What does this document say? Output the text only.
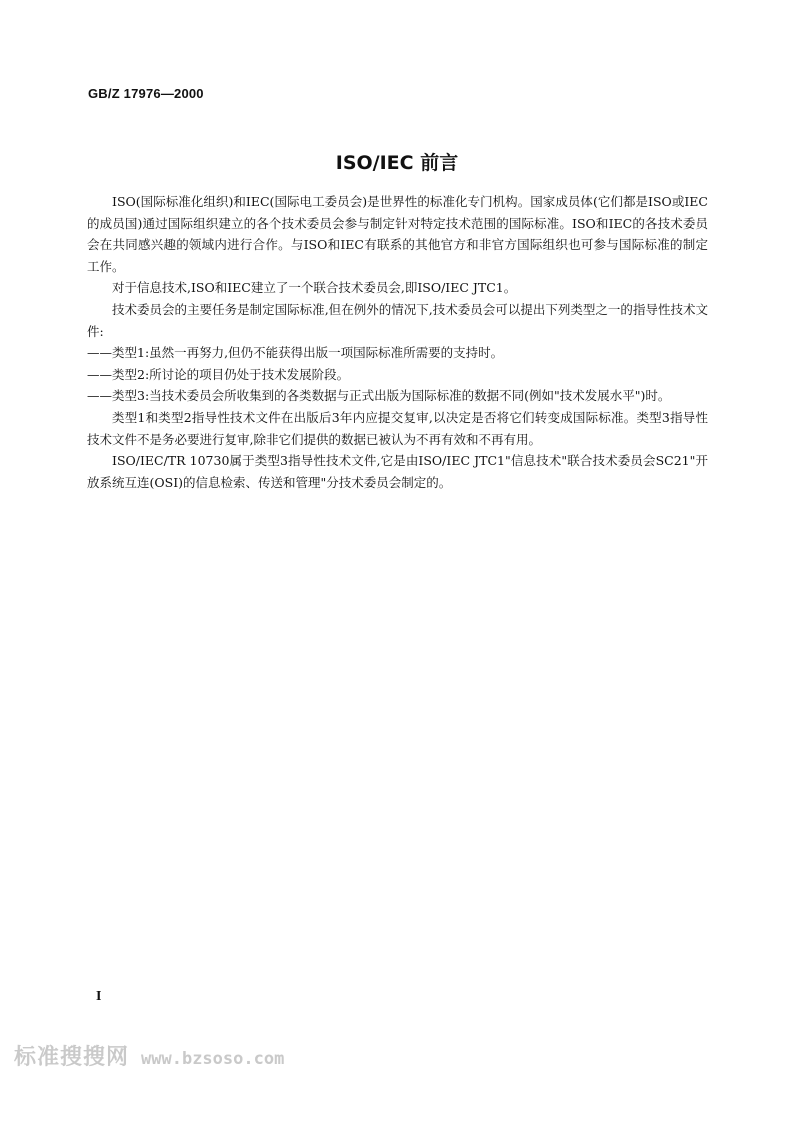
GB/Z 17976—2000
ISO/IEC 前言

ISO(国际标准化组织)和IEC(国际电工委员会)是世界性的标准化专门机构。国家成员体(它们都是ISO或IEC的成员国)通过国际组织建立的各个技术委员会参与制定针对特定技术范围的国际标准。ISO和IEC的各技术委员会在共同感兴趣的领域内进行合作。与ISO和IEC有联系的其他官方和非官方国际组织也可参与国际标准的制定工作。

对于信息技术,ISO和IEC建立了一个联合技术委员会,即ISO/IEC JTC1。

技术委员会的主要任务是制定国际标准,但在例外的情况下,技术委员会可以提出下列类型之一的指导性技术文件:

——类型1:虽然一再努力,但仍不能获得出版一项国际标准所需要的支持时。

——类型2:所讨论的项目仍处于技术发展阶段。

——类型3:当技术委员会所收集到的各类数据与正式出版为国际标准的数据不同(例如"技术发展水平")时。

类型1和类型2指导性技术文件在出版后3年内应提交复审,以决定是否将它们转变成国际标准。类型3指导性技术文件不是务必要进行复审,除非它们提供的数据已被认为不再有效和不再有用。

ISO/IEC/TR 10730属于类型3指导性技术文件,它是由ISO/IEC JTC1"信息技术"联合技术委员会SC21"开放系统互连(OSI)的信息检索、传送和管理"分技术委员会制定的。

I
标准搜搜网 www.bzsoso.com
